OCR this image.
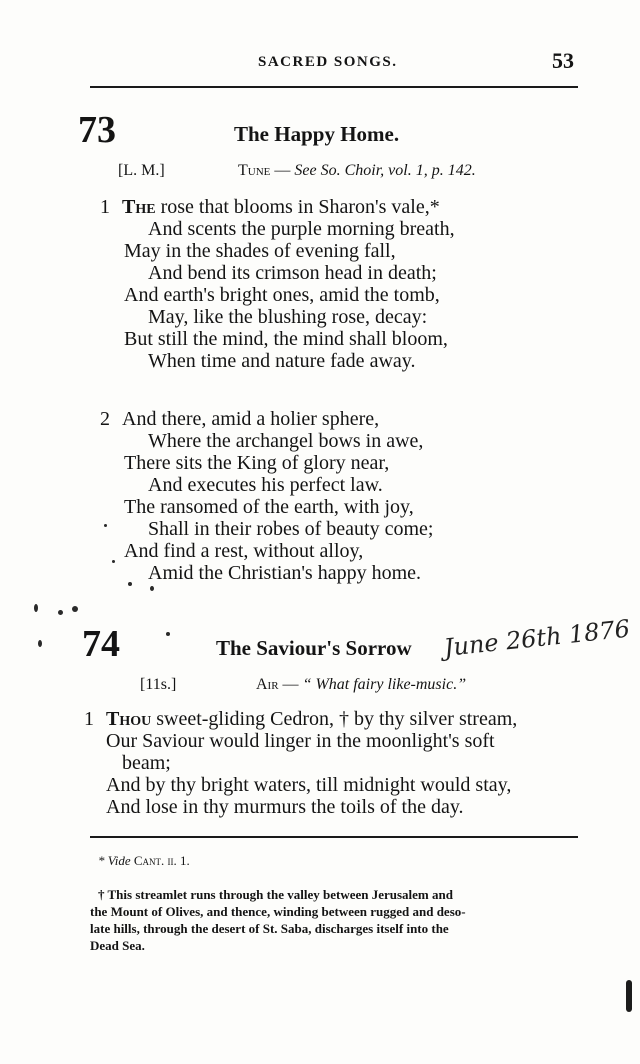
SACRED SONGS.	53
73	The Happy Home.
[L. M.]	Tune — See So. Choir, vol. 1, p. 142.
1 The rose that blooms in Sharon's vale,*
And scents the purple morning breath,
May in the shades of evening fall,
And bend its crimson head in death;
And earth's bright ones, amid the tomb,
May, like the blushing rose, decay:
But still the mind, the mind shall bloom,
When time and nature fade away.
2 And there, amid a holier sphere,
Where the archangel bows in awe,
There sits the King of glory near,
And executes his perfect law.
The ransomed of the earth, with joy,
Shall in their robes of beauty come;
And find a rest, without alloy,
Amid the Christian's happy home.
74	The Saviour's Sorrow June 26th 1876
[11s.]	Air — “ What fairy like-music.”
1 Thou sweet-gliding Cedron, † by thy silver stream,
Our Saviour would linger in the moonlight's soft
beam;
And by thy bright waters, till midnight would stay,
And lose in thy murmurs the toils of the day.
* Vide Cant. ii. 1.
† This streamlet runs through the valley between Jerusalem and
the Mount of Olives, and thence, winding between rugged and deso-
late hills, through the desert of St. Saba, discharges itself into the
Dead Sea.
